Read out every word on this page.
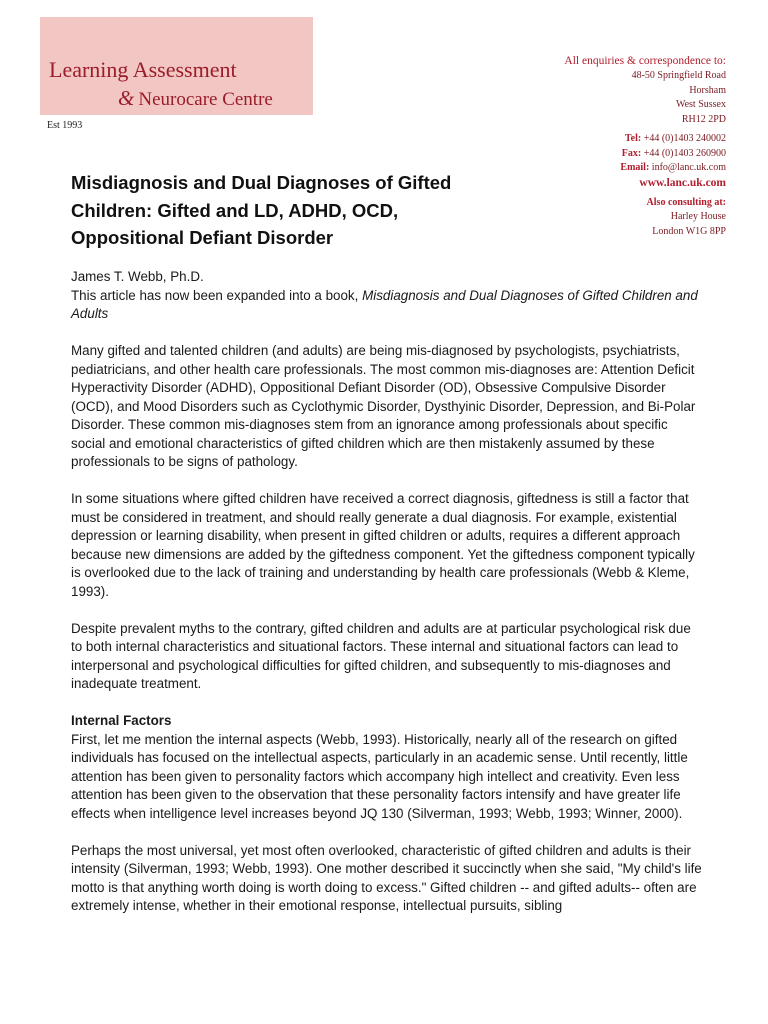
Learning Assessment
& Neurocare Centre
Est 1993
All enquiries & correspondence to:
48-50 Springfield Road
Horsham
West Sussex
RH12 2PD
Tel: +44 (0)1403 240002
Fax: +44 (0)1403 260900
Email: info@lanc.uk.com
www.lanc.uk.com
Also consulting at:
Harley House
London W1G 8PP
Misdiagnosis and Dual Diagnoses of Gifted Children: Gifted and LD, ADHD, OCD, Oppositional Defiant Disorder

James T. Webb, Ph.D.

This article has now been expanded into a book, Misdiagnosis and Dual Diagnoses of Gifted Children and Adults

Many gifted and talented children (and adults) are being mis-diagnosed by psychologists, psychiatrists, pediatricians, and other health care professionals. The most common mis-diagnoses are: Attention Deficit Hyperactivity Disorder (ADHD), Oppositional Defiant Disorder (OD), Obsessive Compulsive Disorder (OCD), and Mood Disorders such as Cyclothymic Disorder, Dysthyinic Disorder, Depression, and Bi-Polar Disorder. These common mis-diagnoses stem from an ignorance among professionals about specific social and emotional characteristics of gifted children which are then mistakenly assumed by these professionals to be signs of pathology.

In some situations where gifted children have received a correct diagnosis, giftedness is still a factor that must be considered in treatment, and should really generate a dual diagnosis. For example, existential depression or learning disability, when present in gifted children or adults, requires a different approach because new dimensions are added by the giftedness component. Yet the giftedness component typically is overlooked due to the lack of training and understanding by health care professionals (Webb & Kleme, 1993).

Despite prevalent myths to the contrary, gifted children and adults are at particular psychological risk due to both internal characteristics and situational factors. These internal and situational factors can lead to interpersonal and psychological difficulties for gifted children, and subsequently to mis-diagnoses and inadequate treatment.

Internal Factors

First, let me mention the internal aspects (Webb, 1993). Historically, nearly all of the research on gifted individuals has focused on the intellectual aspects, particularly in an academic sense. Until recently, little attention has been given to personality factors which accompany high intellect and creativity. Even less attention has been given to the observation that these personality factors intensify and have greater life effects when intelligence level increases beyond JQ 130 (Silverman, 1993; Webb, 1993; Winner, 2000).

Perhaps the most universal, yet most often overlooked, characteristic of gifted children and adults is their intensity (Silverman, 1993; Webb, 1993). One mother described it succinctly when she said, "My child's life motto is that anything worth doing is worth doing to excess." Gifted children -- and gifted adults-- often are extremely intense, whether in their emotional response, intellectual pursuits, sibling
